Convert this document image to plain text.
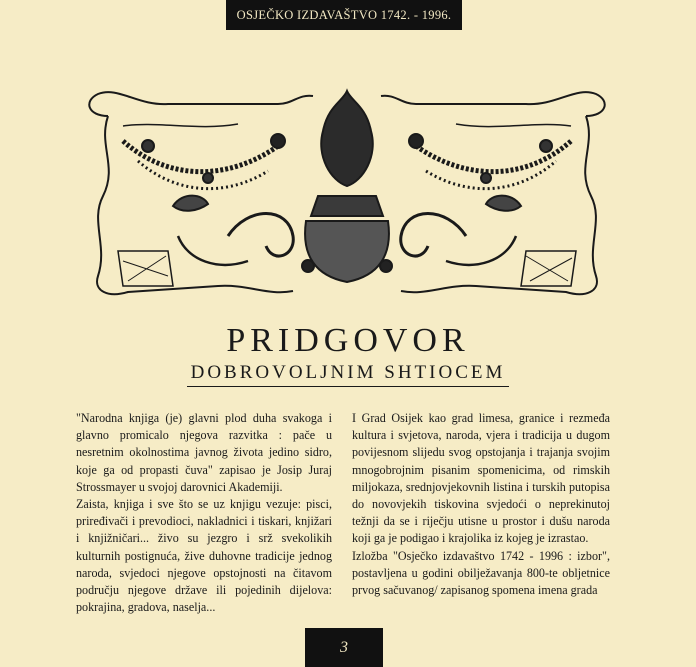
OSJEČKO IZDAVAŠTVO 1742. - 1996.
PRIDGOVOR
DOBROVOLJNIM SHTIOCEM

"Narodna knjiga (je) glavni plod duha svakoga i glavno promicalo njegova razvitka : pače u nesretnim okolnostima javnog života jedino sidro, koje ga od propasti čuva" zapisao je Josip Juraj Strossmayer u svojoj darovnici Akademiji.

Zaista, knjiga i sve što se uz knjigu vezuje: pisci, priređivači i prevodioci, nakladnici i tiskari, knjižari i knjižničari... živo su jezgro i srž svekolikih kulturnih postignuća, žive duhovne tradicije jednog naroda, svjedoci njegove opstojnosti na čitavom području njegove države ili pojedinih dijelova: pokrajina, gradova, naselja...

I Grad Osijek kao grad limesa, granice i rezmeđa kultura i svjetova, naroda, vjera i tradicija u dugom povijesnom slijedu svog opstojanja i trajanja svojim mnogobrojnim pisanim spomenicima, od rimskih miljokaza, srednjovjekovnih listina i turskih putopisa do novovjekih tiskovina svjedoći o neprekinutoj težnji da se i riječju utisne u prostor i dušu naroda koji ga je podigao i krajolika iz kojeg je izrastao.

Izložba "Osječko izdavaštvo 1742 - 1996 : izbor", postavljena u godini obilježavanja 800-te obljetnice prvog sačuvanog/ zapisanog spomena imena grada

3
